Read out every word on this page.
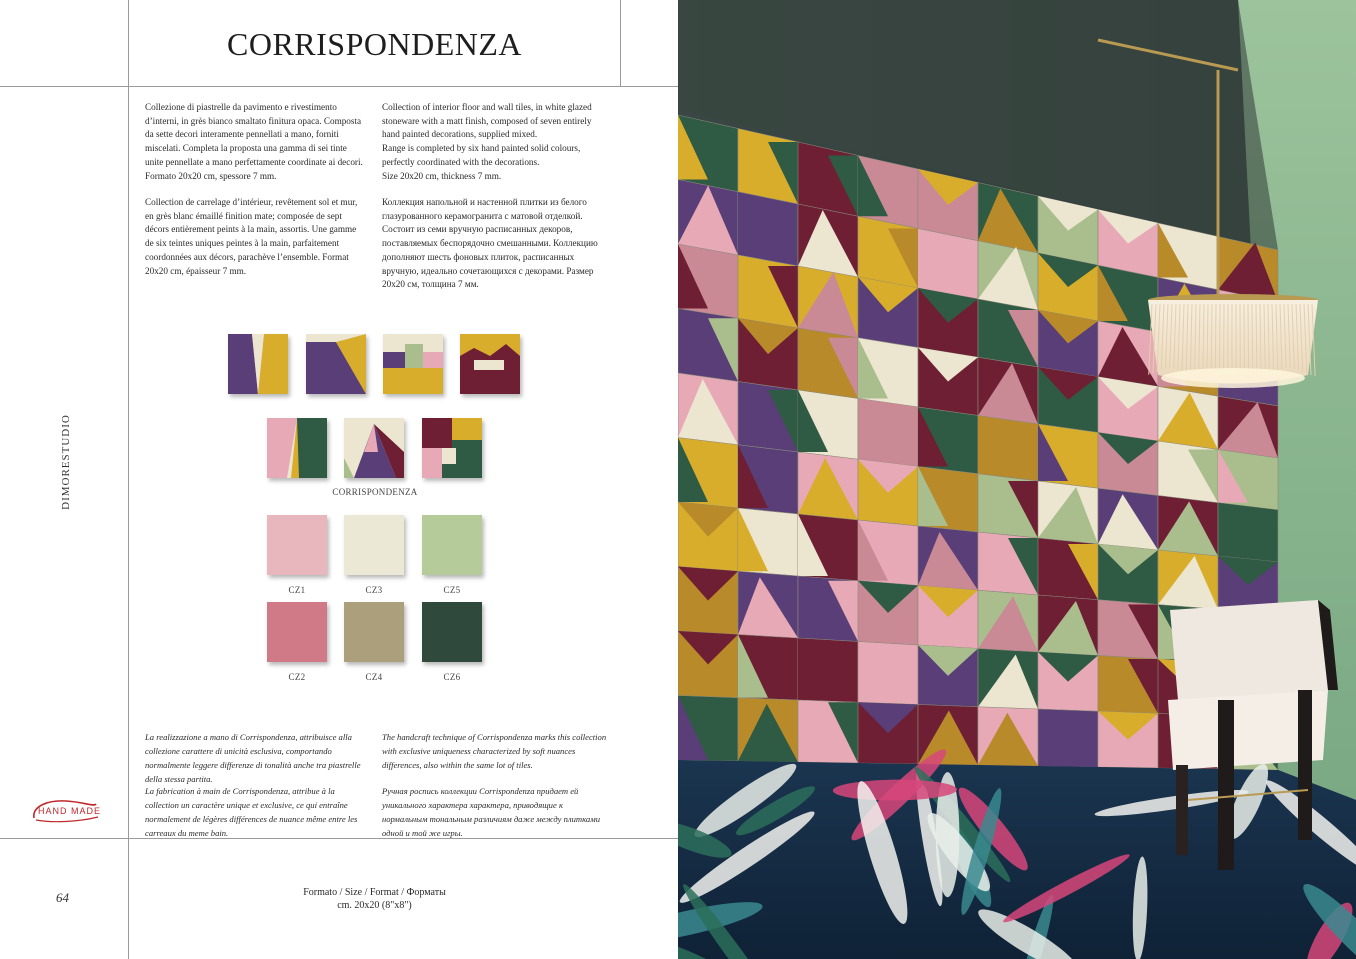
CORRISPONDENZA
DIMORESTUDIO
64
HAND MADE

Collezione di piastrelle da pavimento e rivestimento d’interni, in grès bianco smaltato finitura opaca. Composta da sette decori interamente pennellati a mano, forniti miscelati. Completa la proposta una gamma di sei tinte unite pennellate a mano perfettamente coordinate ai decori. Formato 20x20 cm, spessore 7 mm.

Collection de carrelage d’intérieur, revêtement sol et mur, en grès blanc émaillé finition mate; composée de sept décors entièrement peints à la main, assortis. Une gamme de six teintes uniques peintes à la main, parfaitement coordonnées aux décors, parachève l’ensemble. Format 20x20 cm, épaisseur 7 mm.

Collection of interior floor and wall tiles, in white glazed stoneware with a matt finish, composed of seven entirely hand painted decorations, supplied mixed.

Range is completed by six hand painted solid colours, perfectly coordinated with the decorations.

Size 20x20 cm, thickness 7 mm.

Коллекция напольной и настенной плитки из белого глазурованного керамогранита с матовой отделкой. Состоит из семи вручную расписанных декоров, поставляемых беспорядочно смешанными. Коллекцию дополняют шесть фоновых плиток, расписанных вручную, идеально сочетающихся с декорами. Размер 20x20 см, толщина 7 мм.

CORRISPONDENZA
CZ1	CZ3	CZ5
CZ2	CZ4	CZ6

La realizzazione a mano di Corrispondenza, attribuisce alla collezione carattere di unicità esclusiva, comportando normalmente leggere differenze di tonalità anche tra piastrelle della stessa partita.

La fabrication à main de Corrispondenza, attribue à la collection un caractère unique et exclusive, ce qui entraîne normalement de légères différences de nuance même entre les carreaux du meme bain.

The handcraft technique of Corrispondenza marks this collection with exclusive uniqueness characterized by soft nuances differences, also within the same lot of tiles.

Ручная роспись коллекции Corrispondenza придает ей уникального характера характера, приводящие к нормальным тональным различиям даже между плитками одной и той же игры.

Formato / Size / Format / Форматы
cm. 20x20 (8"x8")
